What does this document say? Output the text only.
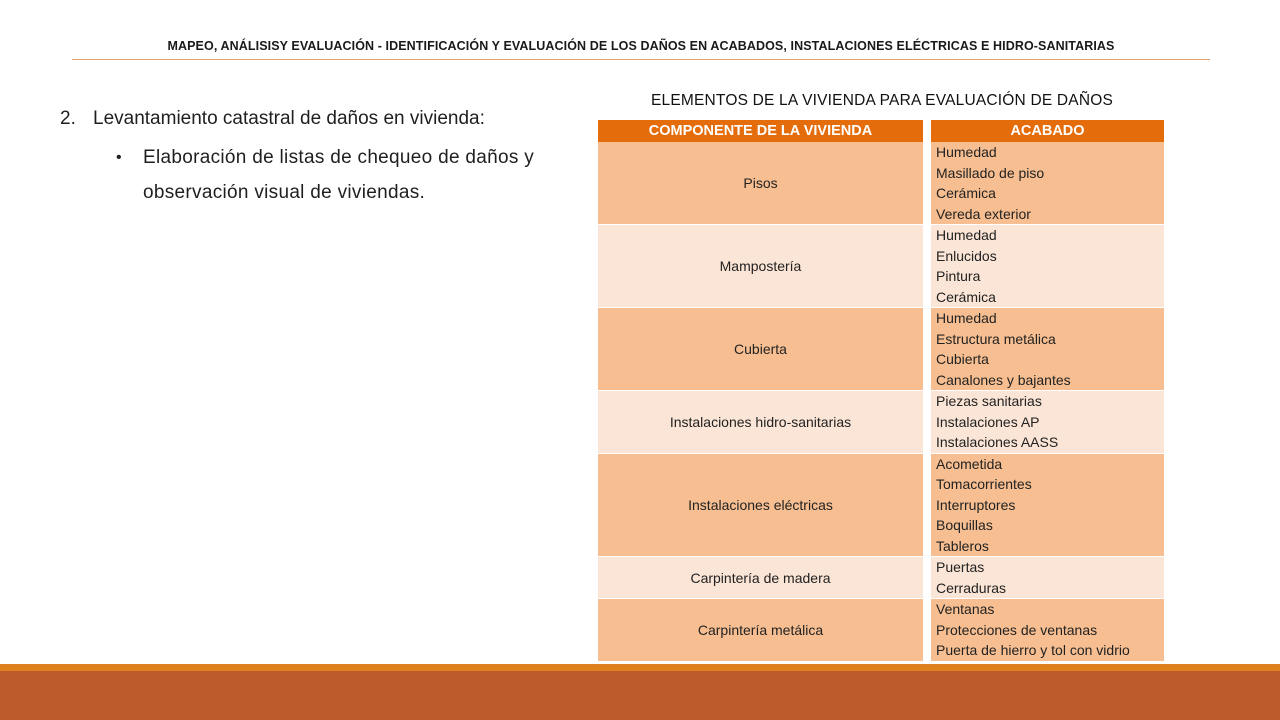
MAPEO, ANÁLISISY EVALUACIÓN - IDENTIFICACIÓN Y EVALUACIÓN DE LOS DAÑOS EN ACABADOS, INSTALACIONES ELÉCTRICAS E HIDRO-SANITARIAS
2. Levantamiento catastral de daños en vivienda:
•	Elaboración de listas de chequeo de daños y observación visual de viviendas.
ELEMENTOS DE LA VIVIENDA PARA EVALUACIÓN DE DAÑOS
COMPONENTE DE LA VIVIENDA	ACABADO
Pisos
Humedad
Masillado de piso
Cerámica
Vereda exterior
Mampostería
Humedad
Enlucidos
Pintura
Cerámica
Cubierta
Humedad
Estructura metálica
Cubierta
Canalones y bajantes
Instalaciones hidro-sanitarias
Piezas sanitarias
Instalaciones AP
Instalaciones AASS
Instalaciones eléctricas
Acometida
Tomacorrientes
Interruptores
Boquillas
Tableros
Carpintería de madera
Puertas
Cerraduras
Carpintería metálica
Ventanas
Protecciones de ventanas
Puerta de hierro y tol con vidrio
